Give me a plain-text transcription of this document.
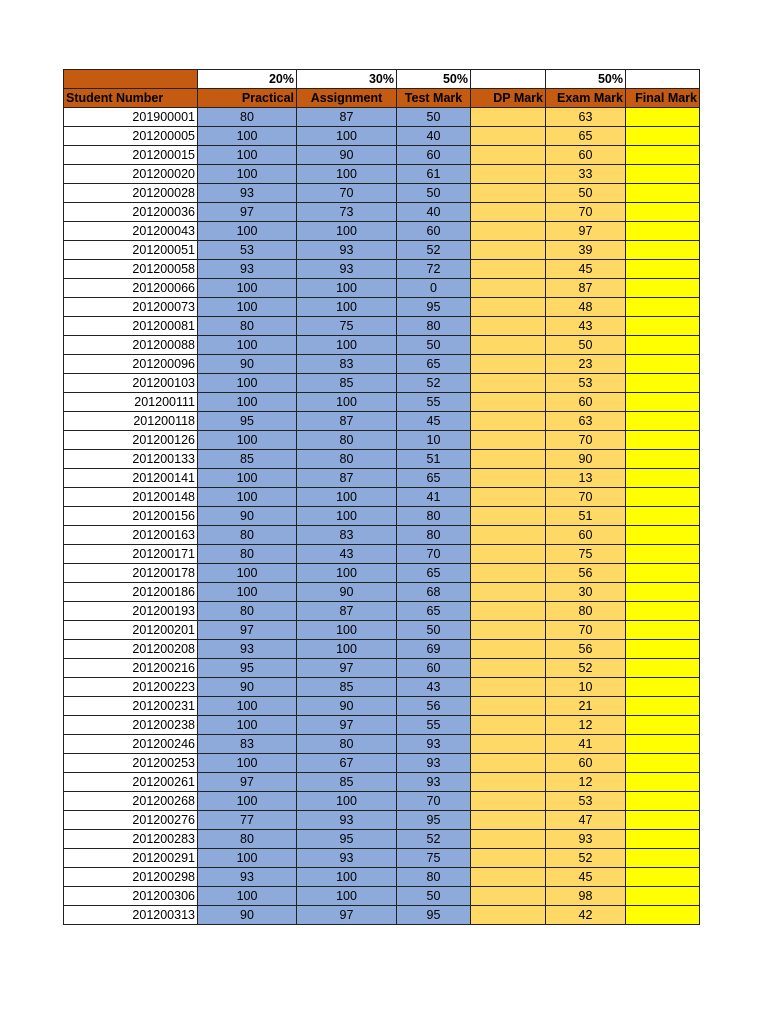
	20%	30%	50%		50%	
Student Number	Practical	Assignment	Test Mark	DP Mark	Exam Mark	Final Mark
201900001	80	87	50		63	
201200005	100	100	40		65	
201200015	100	90	60		60	
201200020	100	100	61		33	
201200028	93	70	50		50	
201200036	97	73	40		70	
201200043	100	100	60		97	
201200051	53	93	52		39	
201200058	93	93	72		45	
201200066	100	100	0		87	
201200073	100	100	95		48	
201200081	80	75	80		43	
201200088	100	100	50		50	
201200096	90	83	65		23	
201200103	100	85	52		53	
201200111	100	100	55		60	
201200118	95	87	45		63	
201200126	100	80	10		70	
201200133	85	80	51		90	
201200141	100	87	65		13	
201200148	100	100	41		70	
201200156	90	100	80		51	
201200163	80	83	80		60	
201200171	80	43	70		75	
201200178	100	100	65		56	
201200186	100	90	68		30	
201200193	80	87	65		80	
201200201	97	100	50		70	
201200208	93	100	69		56	
201200216	95	97	60		52	
201200223	90	85	43		10	
201200231	100	90	56		21	
201200238	100	97	55		12	
201200246	83	80	93		41	
201200253	100	67	93		60	
201200261	97	85	93		12	
201200268	100	100	70		53	
201200276	77	93	95		47	
201200283	80	95	52		93	
201200291	100	93	75		52	
201200298	93	100	80		45	
201200306	100	100	50		98	
201200313	90	97	95		42	
